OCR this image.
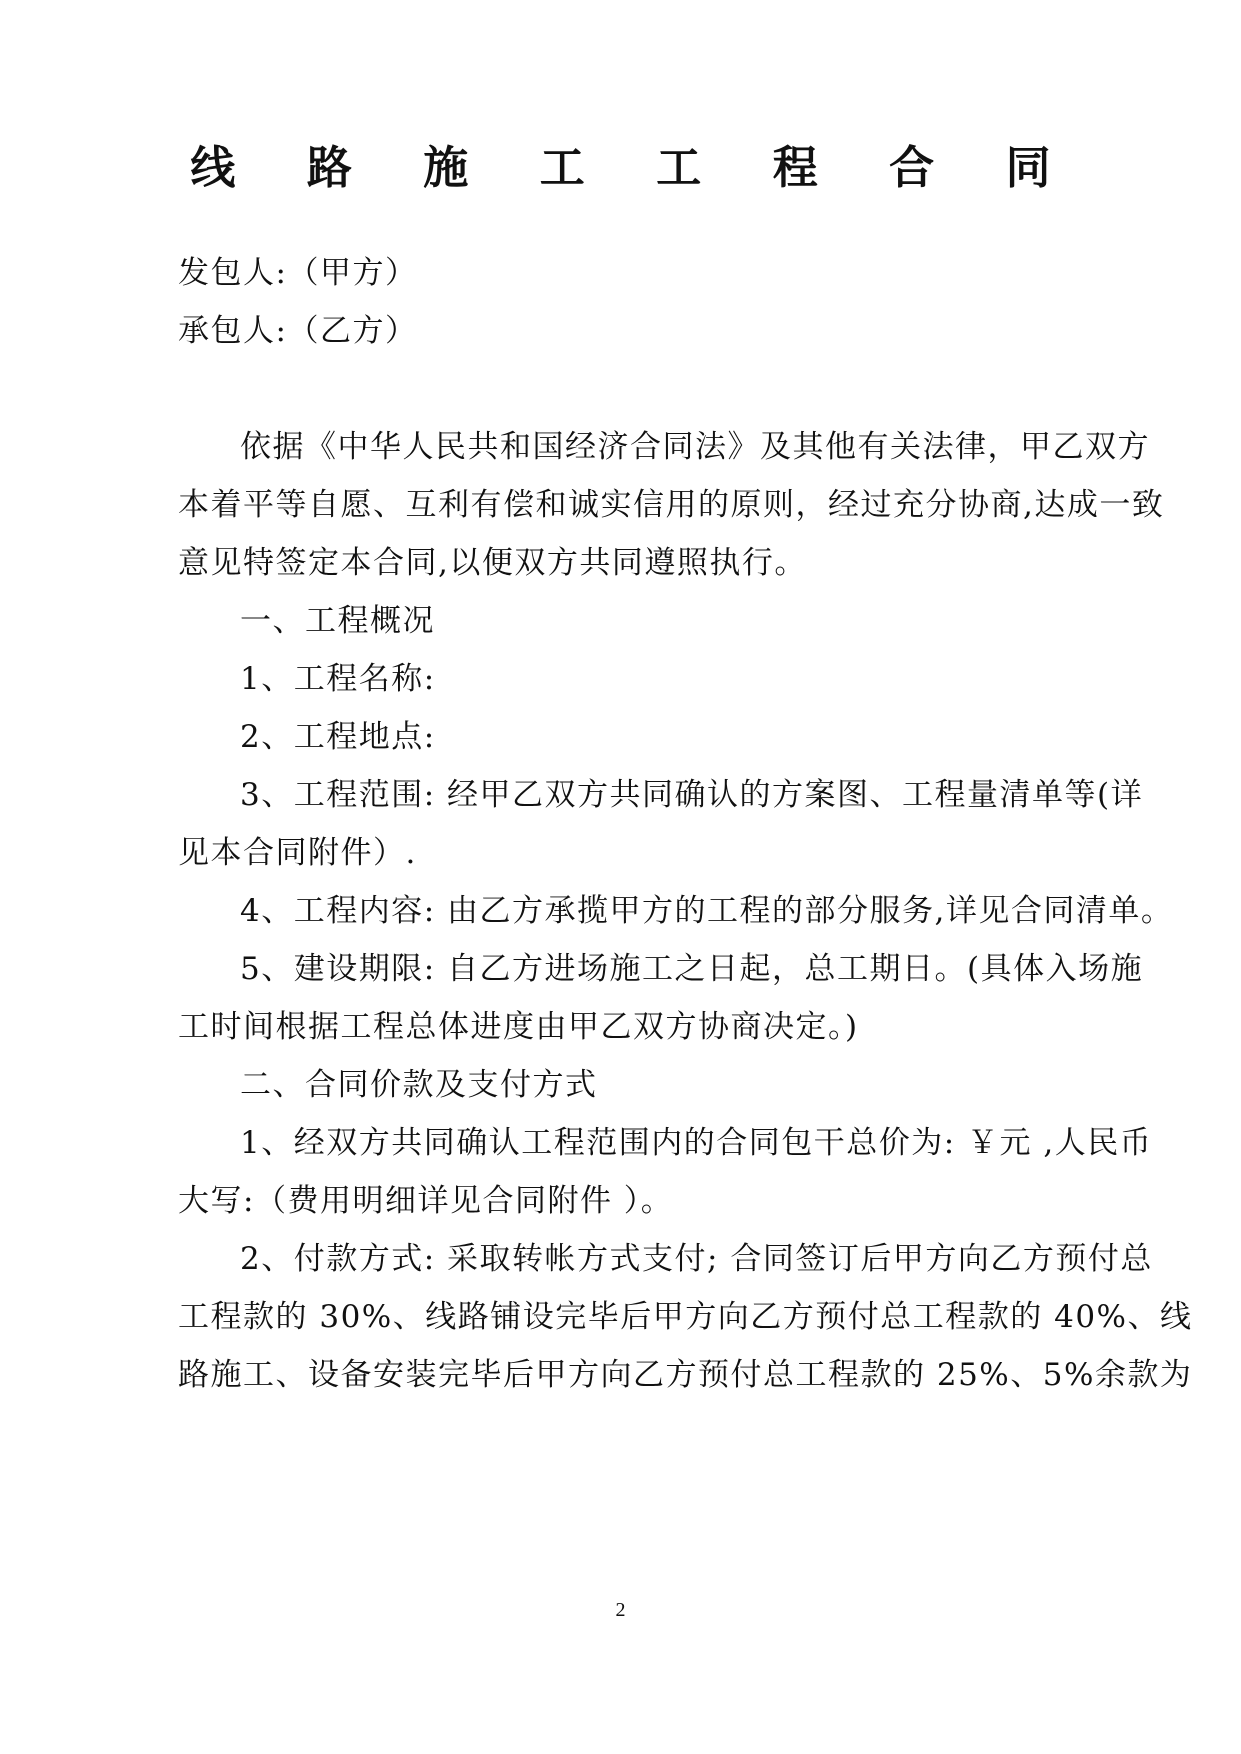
线 路 施 工 工 程 合 同
发包人:（甲方）
承包人:（乙方）
依据《中华人民共和国经济合同法》及其他有关法律，甲乙双方
本着平等自愿、互利有偿和诚实信用的原则，经过充分协商,达成一致
意见特签定本合同,以便双方共同遵照执行。
一、工程概况
1、工程名称:
2、工程地点:
3、工程范围: 经甲乙双方共同确认的方案图、工程量清单等(详
见本合同附件）.
4、工程内容: 由乙方承揽甲方的工程的部分服务,详见合同清单。
5、建设期限: 自乙方进场施工之日起，总工期日。(具体入场施
工时间根据工程总体进度由甲乙双方协商决定。)
二、合同价款及支付方式
1、经双方共同确认工程范围内的合同包干总价为: ￥元 ,人民币
大写:（费用明细详见合同附件 ）。
2、付款方式: 采取转帐方式支付; 合同签订后甲方向乙方预付总
工程款的 30%、线路铺设完毕后甲方向乙方预付总工程款的 40%、线
路施工、设备安装完毕后甲方向乙方预付总工程款的 25%、5%余款为
2
